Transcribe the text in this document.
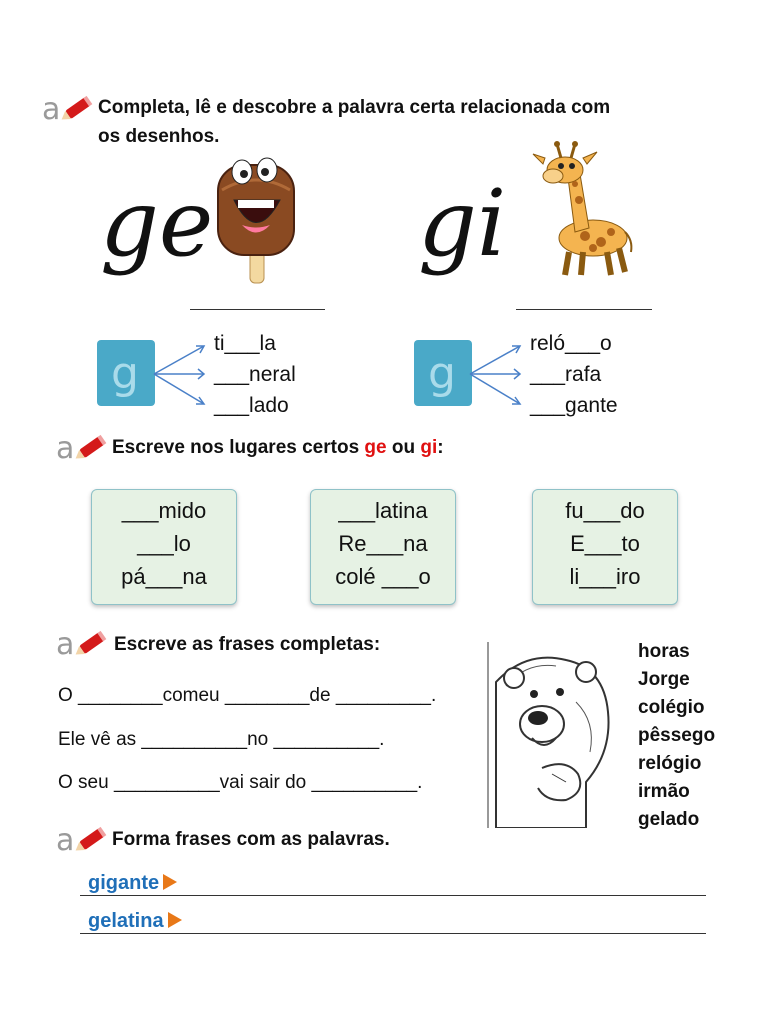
a Completa, lê e descobre a palavra certa relacionada com
os desenhos.
ge gi
g
ti___la
___neral
___lado
g
reló___o
___rafa
___gante
a Escreve nos lugares certos ge ou gi:
___mido
___lo
pá___na
___latina
Re___na
colé ___o
fu___do
E___to
li___iro
a Escreve as frases completas:
O ________comeu ________de _________.
Ele vê as __________no __________.
O seu __________vai sair do __________.
horas
Jorge
colégio
pêssego
relógio
irmão
gelado
a Forma frases com as palavras.
gigante
gelatina
